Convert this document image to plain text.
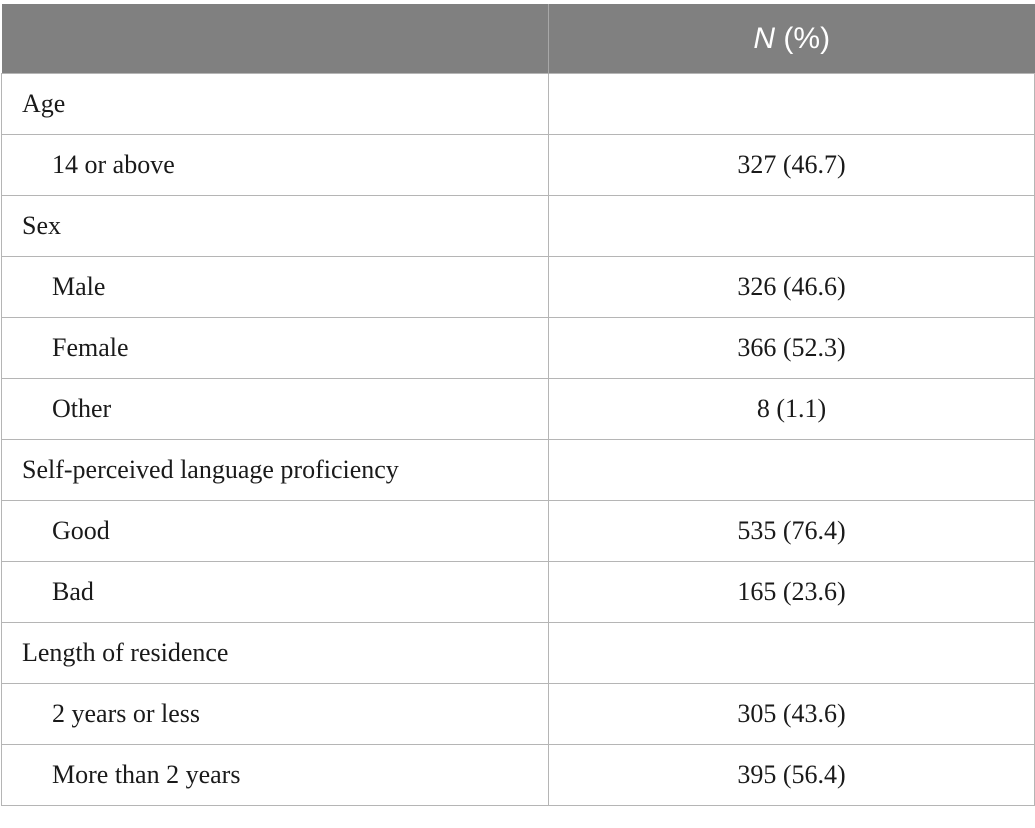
	N (%)
Age	
14 or above	327 (46.7)
Sex	
Male	326 (46.6)
Female	366 (52.3)
Other	8 (1.1)
Self-perceived language proficiency	
Good	535 (76.4)
Bad	165 (23.6)
Length of residence	
2 years or less	305 (43.6)
More than 2 years	395 (56.4)
